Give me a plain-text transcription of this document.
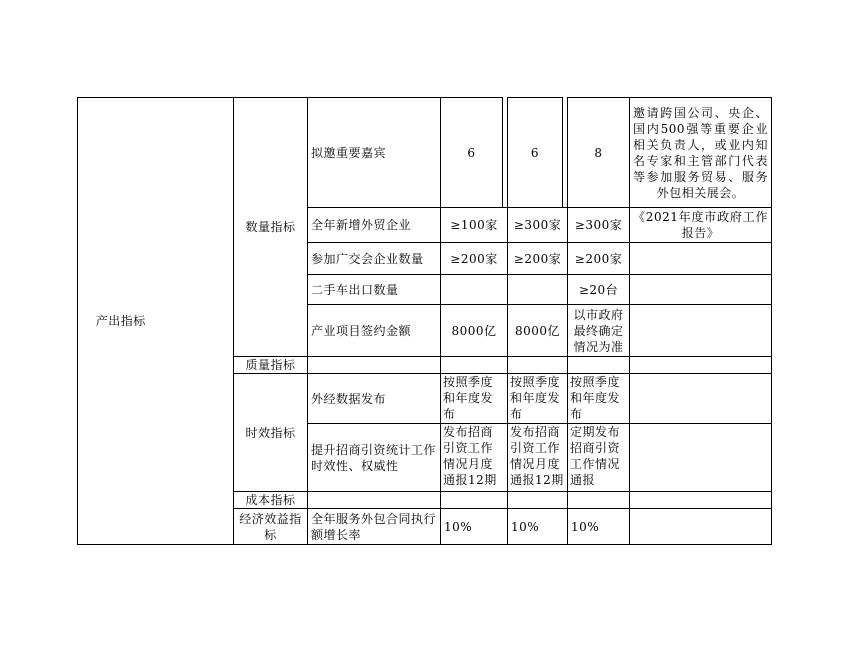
产出指标		数量指标	拟邀重要嘉宾	6		6		8	邀请跨国公司、央企、国内500强等重要企业相关负责人，或业内知名专家和主管部门代表等参加服务贸易、服务外包相关展会。
			全年新增外贸企业	≥100家		≥300家		≥300家	《2021年度市政府工作报告》
			参加广交会企业数量	≥200家		≥200家		≥200家	
			二手车出口数量					≥20台	
			产业项目签约金额	8000亿		8000亿		以市政府最终确定情况为准	
		质量指标							
		时效指标	外经数据发布	按照季度和年度发布		按照季度和年度发布		按照季度和年度发布	
			提升招商引资统计工作时效性、权威性	发布招商引资工作情况月度通报12期		发布招商引资工作情况月度通报12期		定期发布招商引资工作情况通报	
		成本指标							
		经济效益指标	全年服务外包合同执行额增长率	10%		10%		10%	
